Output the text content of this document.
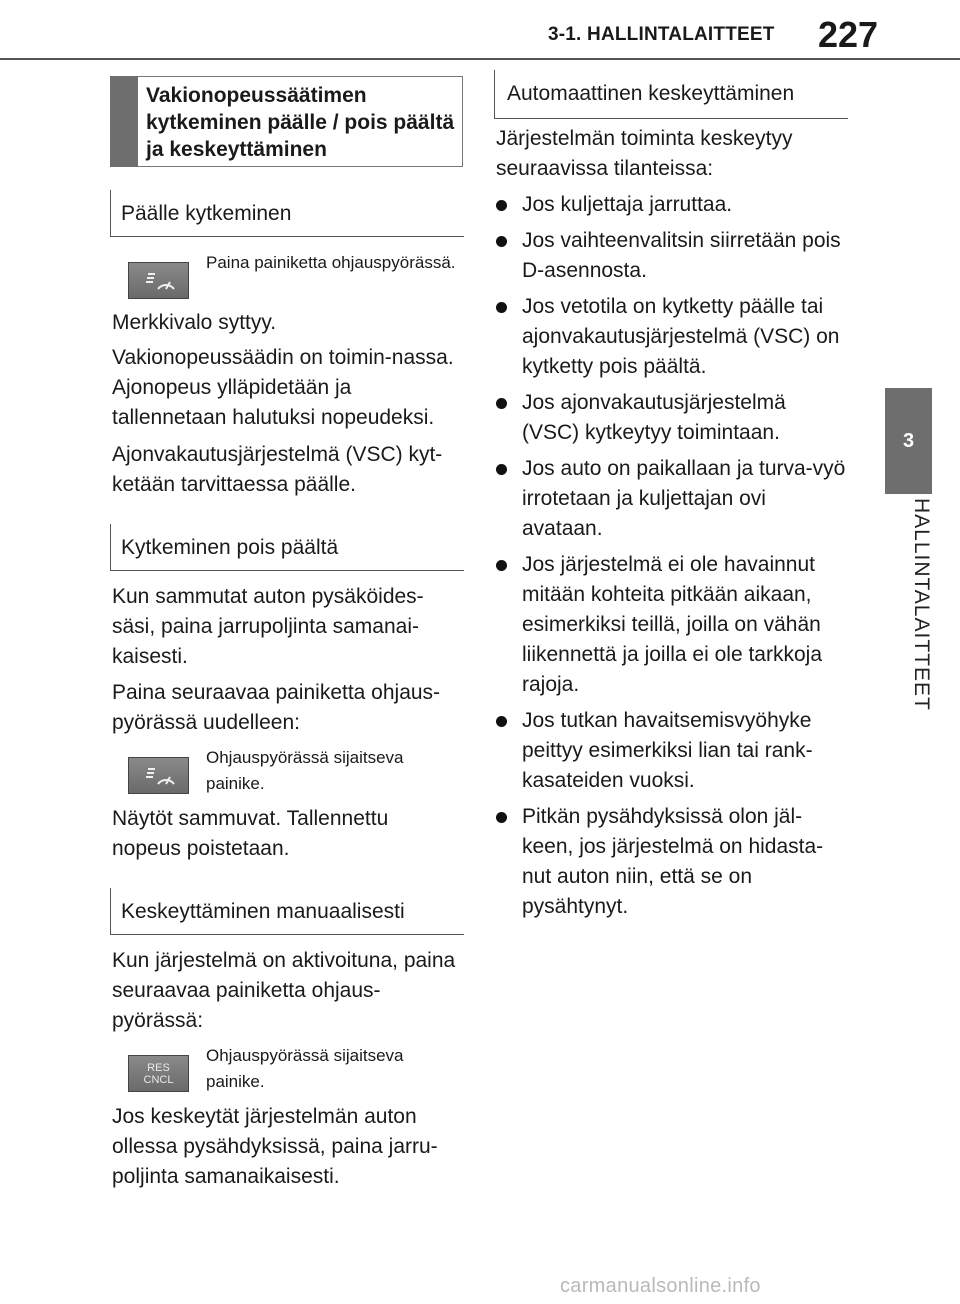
3-1. HALLINTALAITTEET 227
3
HALLINTALAITTEET
Vakionopeussäätimen kytkeminen päälle / pois päältä ja keskeyttäminen
Päälle kytkeminen
Paina painiketta ohjauspyörässä.
Merkkivalo syttyy.
Vakionopeussäädin on toimin-nassa. Ajonopeus ylläpidetään ja tallennetaan halutuksi nopeudeksi.
Ajonvakautusjärjestelmä (VSC) kyt-ketään tarvittaessa päälle.
Kytkeminen pois päältä
Kun sammutat auton pysäköides-säsi, paina jarrupoljinta samanai-kaisesti.
Paina seuraavaa painiketta ohjaus-pyörässä uudelleen:
Ohjauspyörässä sijaitseva painike.
Näytöt sammuvat. Tallennettu nopeus poistetaan.
Keskeyttäminen manuaalisesti
Kun järjestelmä on aktivoituna, paina seuraavaa painiketta ohjaus-pyörässä:
RES
CNCL
Ohjauspyörässä sijaitseva painike.
Jos keskeytät järjestelmän auton ollessa pysähdyksissä, paina jarru-poljinta samanaikaisesti.
Automaattinen keskeyttäminen
Järjestelmän toiminta keskeytyy seuraavissa tilanteissa:
Jos kuljettaja jarruttaa.
Jos vaihteenvalitsin siirretään pois D-asennosta.
Jos vetotila on kytketty päälle tai ajonvakautusjärjestelmä (VSC) on kytketty pois päältä.
Jos ajonvakautusjärjestelmä (VSC) kytkeytyy toimintaan.
Jos auto on paikallaan ja turva-vyö irrotetaan ja kuljettajan ovi avataan.
Jos järjestelmä ei ole havainnut mitään kohteita pitkään aikaan, esimerkiksi teillä, joilla on vähän liikennettä ja joilla ei ole tarkkoja rajoja.
Jos tutkan havaitsemisvyöhyke peittyy esimerkiksi lian tai rank-kasateiden vuoksi.
Pitkän pysähdyksissä olon jäl-keen, jos järjestelmä on hidasta-nut auton niin, että se on pysähtynyt.
carmanualsonline.info
